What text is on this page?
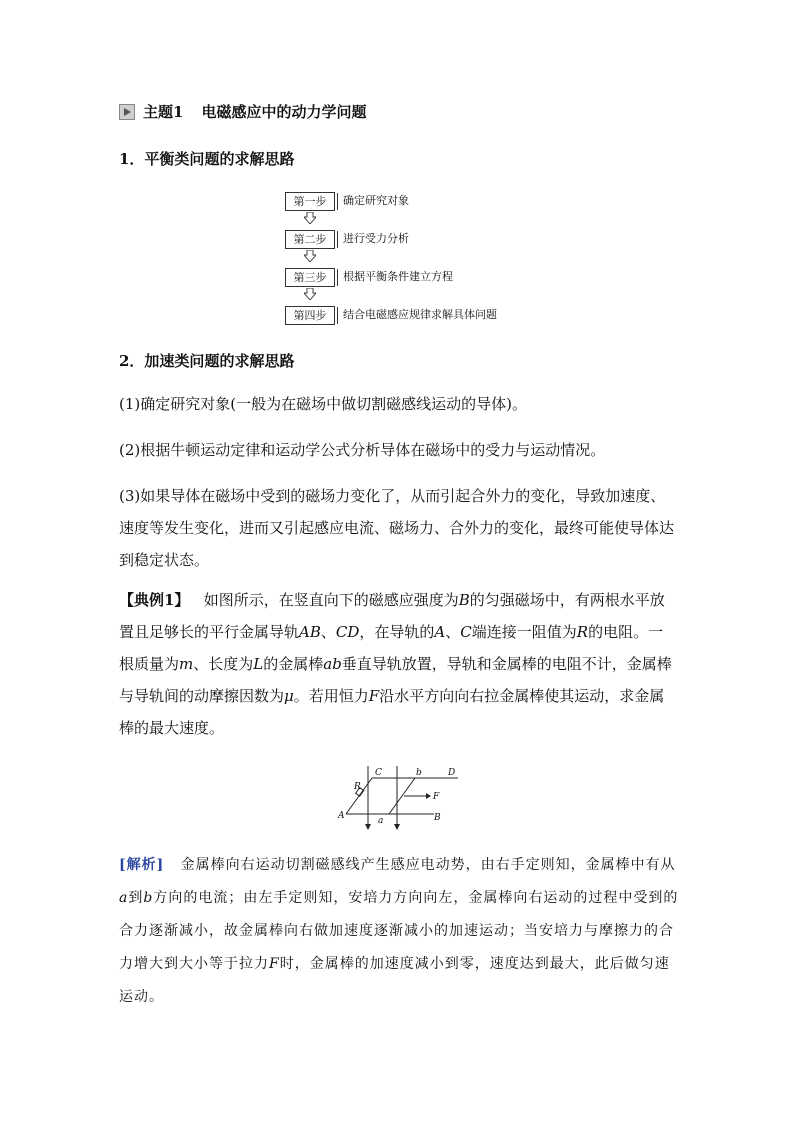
主题1 电磁感应中的动力学问题
1．平衡类问题的求解思路
第一步	确定研究对象
第二步	进行受力分析
第三步	根据平衡条件建立方程
第四步	结合电磁感应规律求解具体问题
2．加速类问题的求解思路
(1)确定研究对象(一般为在磁场中做切割磁感线运动的导体)。
(2)根据牛顿运动定律和运动学公式分析导体在磁场中的受力与运动情况。
(3)如果导体在磁场中受到的磁场力变化了，从而引起合外力的变化，导致加速度、速度等发生变化，进而又引起感应电流、磁场力、合外力的变化，最终可能使导体达到稳定状态。
【典例1】 如图所示，在竖直向下的磁感应强度为B的匀强磁场中，有两根水平放置且足够长的平行金属导轨AB、CD，在导轨的A、C端连接一阻值为R的电阻。一根质量为m、长度为L的金属棒ab垂直导轨放置，导轨和金属棒的电阻不计，金属棒与导轨间的动摩擦因数为μ。若用恒力F沿水平方向向右拉金属棒使其运动，求金属棒的最大速度。
C	b	D
R
F
A	a	B
[解析] 金属棒向右运动切割磁感线产生感应电动势，由右手定则知，金属棒中有从a到b方向的电流；由左手定则知，安培力方向向左，金属棒向右运动的过程中受到的合力逐渐减小，故金属棒向右做加速度逐渐减小的加速运动；当安培力与摩擦力的合力增大到大小等于拉力F时，金属棒的加速度减小到零，速度达到最大，此后做匀速运动。
